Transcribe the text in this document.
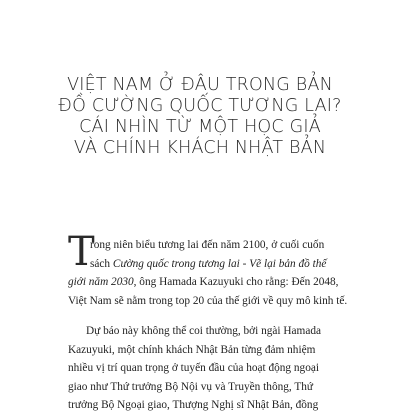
VIỆT NAM Ở ĐÂU TRONG BẢN
ĐỒ CƯỜNG QUỐC TƯƠNG LAI?
CÁI NHÌN TỪ MỘT HỌC GIẢ
VÀ CHÍNH KHÁCH NHẬT BẢN
T
rong niên biểu tương lai đến năm 2100, ở cuối cuốn
sách Cường quốc trong tương lai - Vẽ lại bản đồ thế
giới năm 2030, ông Hamada Kazuyuki cho rằng: Đến 2048,
Việt Nam sẽ nằm trong top 20 của thế giới về quy mô kinh tế.
Dự báo này không thể coi thường, bởi ngài Hamada
Kazuyuki, một chính khách Nhật Bản từng đảm nhiệm
nhiều vị trí quan trọng ở tuyến đầu của hoạt động ngoại
giao như Thứ trưởng Bộ Nội vụ và Truyền thông, Thứ
trưởng Bộ Ngoại giao, Thượng Nghị sĩ Nhật Bản, đồng
